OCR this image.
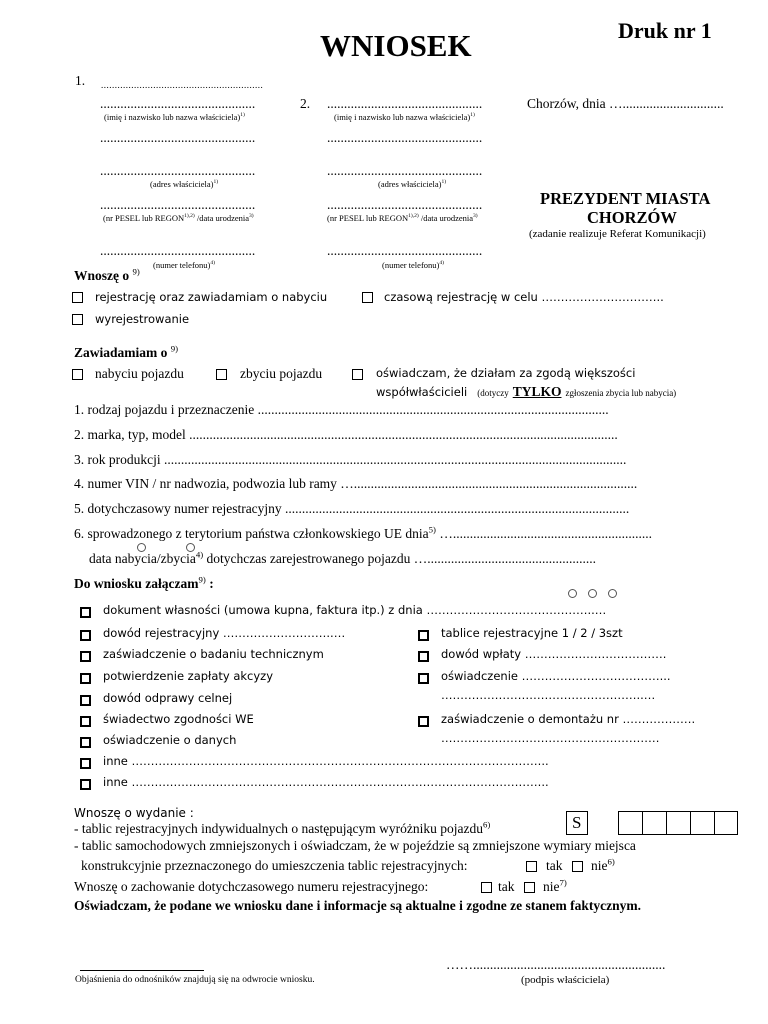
WNIOSEK	Druk nr 1
1. ...........................................................
..............................................
(imię i nazwisko lub nazwa właściciela)$^{1)}$
..............................................
..............................................
(adres właściciela)$^{1)}$
..............................................
(nr PESEL lub $REGON^{1),2)}$ /data urodzenia$^{3)}$
..............................................
(numer telefonu)$^{4)}$
2. ..............................................
(imię i nazwisko lub nazwa właściciela)$^{1)}$
..............................................
..............................................
(adres właściciela)$^{1)}$
..............................................
(nr PESEL lub $REGON^{1),2)}$ /data urodzenia$^{3)}$
..............................................
(numer telefonu)$^{4)}$
Chorzów, dnia …..............................
PREZYDENT MIASTA
CHORZÓW
(zadanie realizuje Referat Komunikacji)
Wnoszę o $^{9)}$
rejestrację oraz zawiadamiam o nabyciu	czasową rejestrację w celu …………………………..
wyrejestrowanie
Zawiadamiam o $^{9)}$
nabyciu pojazdu	zbyciu pojazdu	oświadczam, że działam za zgodą większości
współwłaścicieli (dotyczy TYLKO zgłoszenia zbycia lub nabycia)
1. rodzaj pojazdu i przeznaczenie ........................................................................................................
2. marka, typ, model ...............................................................................................................................
3. rok produkcji .........................................................................................................................................
4. numer VIN / nr nadwozia, podwozia lub ramy …....................................................................................
5. dotychczasowy numer rejestracyjny ......................................................................................................
6. sprowadzonego z terytorium państwa członkowskiego UE dnia$^{5)}$ …...........................................................
data nabycia/zbycia$^{4)}$ dotychczas zarejestrowanego pojazdu …..................................................
Do wniosku załączam$^{9)}$ :
dokument własności (umowa kupna, faktura itp.) z dnia ……………………………………..…
dowód rejestracyjny ………………………..…	tablice rejestracyjne 1 / 2 / 3szt
zaświadczenie o badaniu technicznym	dowód wpłaty ……………………………….
potwierdzenie zapłaty akcyzy	oświadczenie ………………………………...
……………………………………………..…
dowód odprawy celnej
świadectwo zgodności WE	zaświadczenie o demontażu nr ……………….
…………………………………………………
oświadczenie o danych
inne ……….……………………………………………………………………………………...
inne ……….……………………………………………………………………………………...
Wnoszę o wydanie :
- tablic rejestracyjnych indywidualnych o następującym wyróżniku pojazdu$^{6)}$	S
- tablic samochodowych zmniejszonych i oświadczam, że w pojeździe są zmniejszone wymiary miejsca
konstrukcyjnie przeznaczonego do umieszczenia tablic rejestracyjnych:	tak nie$^{6)}$
Wnoszę o zachowanie dotychczasowego numeru rejestracyjnego:	tak nie$^{7)}$
Oświadczam, że podane we wniosku dane i informacje są aktualne i zgodne ze stanem faktycznym.
Objaśnienia do odnośników znajdują się na odwrocie wniosku.
…….........................................................
(podpis właściciela)
